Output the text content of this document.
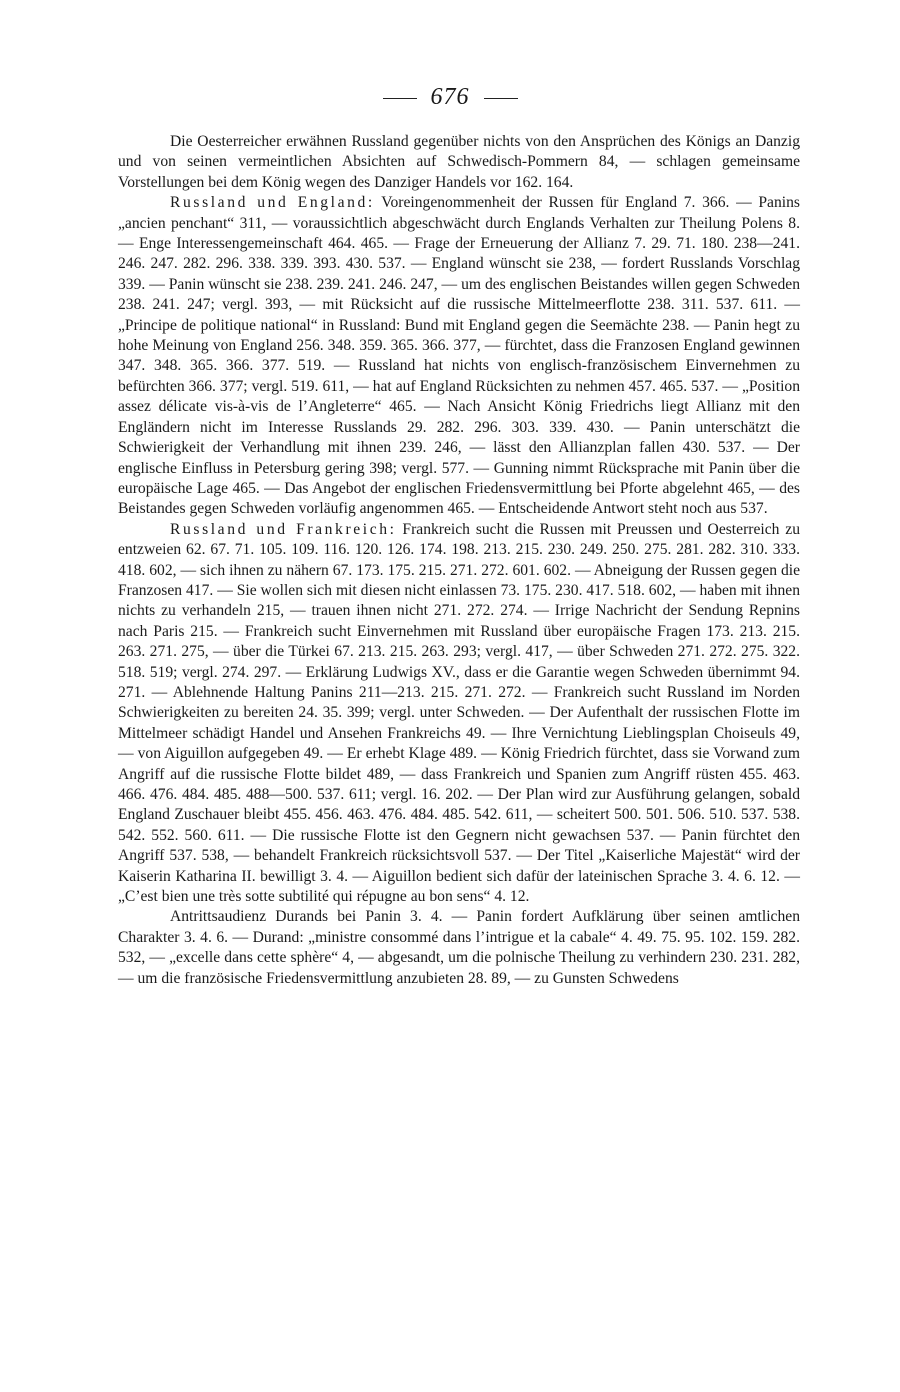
676

Die Oesterreicher erwähnen Russland gegenüber nichts von den Ansprüchen des Königs an Danzig und von seinen vermeintlichen Absichten auf Schwedisch-Pommern 84, — schlagen gemeinsame Vorstellungen bei dem König wegen des Danziger Handels vor 162. 164.

Russland und England: Voreingenommenheit der Russen für England 7. 366. — Panins „ancien penchant“ 311, — voraussichtlich abgeschwächt durch Englands Verhalten zur Theilung Polens 8. — Enge Interessengemeinschaft 464. 465. — Frage der Erneuerung der Allianz 7. 29. 71. 180. 238—241. 246. 247. 282. 296. 338. 339. 393. 430. 537. — England wünscht sie 238, — fordert Russlands Vorschlag 339. — Panin wünscht sie 238. 239. 241. 246. 247, — um des englischen Beistandes willen gegen Schweden 238. 241. 247; vergl. 393, — mit Rücksicht auf die russische Mittelmeerflotte 238. 311. 537. 611. — „Principe de politique national“ in Russland: Bund mit England gegen die Seemächte 238. — Panin hegt zu hohe Meinung von England 256. 348. 359. 365. 366. 377, — fürchtet, dass die Franzosen England gewinnen 347. 348. 365. 366. 377. 519. — Russland hat nichts von englisch-französischem Einvernehmen zu befürchten 366. 377; vergl. 519. 611, — hat auf England Rücksichten zu nehmen 457. 465. 537. — „Position assez délicate vis-à-vis de l’Angleterre“ 465. — Nach Ansicht König Friedrichs liegt Allianz mit den Engländern nicht im Interesse Russlands 29. 282. 296. 303. 339. 430. — Panin unterschätzt die Schwierigkeit der Verhandlung mit ihnen 239. 246, — lässt den Allianzplan fallen 430. 537. — Der englische Einfluss in Petersburg gering 398; vergl. 577. — Gunning nimmt Rücksprache mit Panin über die europäische Lage 465. — Das Angebot der englischen Friedensvermittlung bei Pforte abgelehnt 465, — des Beistandes gegen Schweden vorläufig angenommen 465. — Entscheidende Antwort steht noch aus 537.

Russland und Frankreich: Frankreich sucht die Russen mit Preussen und Oesterreich zu entzweien 62. 67. 71. 105. 109. 116. 120. 126. 174. 198. 213. 215. 230. 249. 250. 275. 281. 282. 310. 333. 418. 602, — sich ihnen zu nähern 67. 173. 175. 215. 271. 272. 601. 602. — Abneigung der Russen gegen die Franzosen 417. — Sie wollen sich mit diesen nicht einlassen 73. 175. 230. 417. 518. 602, — haben mit ihnen nichts zu verhandeln 215, — trauen ihnen nicht 271. 272. 274. — Irrige Nachricht der Sendung Repnins nach Paris 215. — Frankreich sucht Einvernehmen mit Russland über europäische Fragen 173. 213. 215. 263. 271. 275, — über die Türkei 67. 213. 215. 263. 293; vergl. 417, — über Schweden 271. 272. 275. 322. 518. 519; vergl. 274. 297. — Erklärung Ludwigs XV., dass er die Garantie wegen Schweden übernimmt 94. 271. — Ablehnende Haltung Panins 211—213. 215. 271. 272. — Frankreich sucht Russland im Norden Schwierigkeiten zu bereiten 24. 35. 399; vergl. unter Schweden. — Der Aufenthalt der russischen Flotte im Mittelmeer schädigt Handel und Ansehen Frankreichs 49. — Ihre Vernichtung Lieblingsplan Choiseuls 49, — von Aiguillon aufgegeben 49. — Er erhebt Klage 489. — König Friedrich fürchtet, dass sie Vorwand zum Angriff auf die russische Flotte bildet 489, — dass Frankreich und Spanien zum Angriff rüsten 455. 463. 466. 476. 484. 485. 488—500. 537. 611; vergl. 16. 202. — Der Plan wird zur Ausführung gelangen, sobald England Zuschauer bleibt 455. 456. 463. 476. 484. 485. 542. 611, — scheitert 500. 501. 506. 510. 537. 538. 542. 552. 560. 611. — Die russische Flotte ist den Gegnern nicht gewachsen 537. — Panin fürchtet den Angriff 537. 538, — behandelt Frankreich rücksichtsvoll 537. — Der Titel „Kaiserliche Majestät“ wird der Kaiserin Katharina II. bewilligt 3. 4. — Aiguillon bedient sich dafür der lateinischen Sprache 3. 4. 6. 12. — „C’est bien une très sotte subtilité qui répugne au bon sens“ 4. 12.

Antrittsaudienz Durands bei Panin 3. 4. — Panin fordert Aufklärung über seinen amtlichen Charakter 3. 4. 6. — Durand: „ministre consommé dans l’intrigue et la cabale“ 4. 49. 75. 95. 102. 159. 282. 532, — „excelle dans cette sphère“ 4, — abgesandt, um die polnische Theilung zu verhindern 230. 231. 282, — um die französische Friedensvermittlung anzubieten 28. 89, — zu Gunsten Schwedens
